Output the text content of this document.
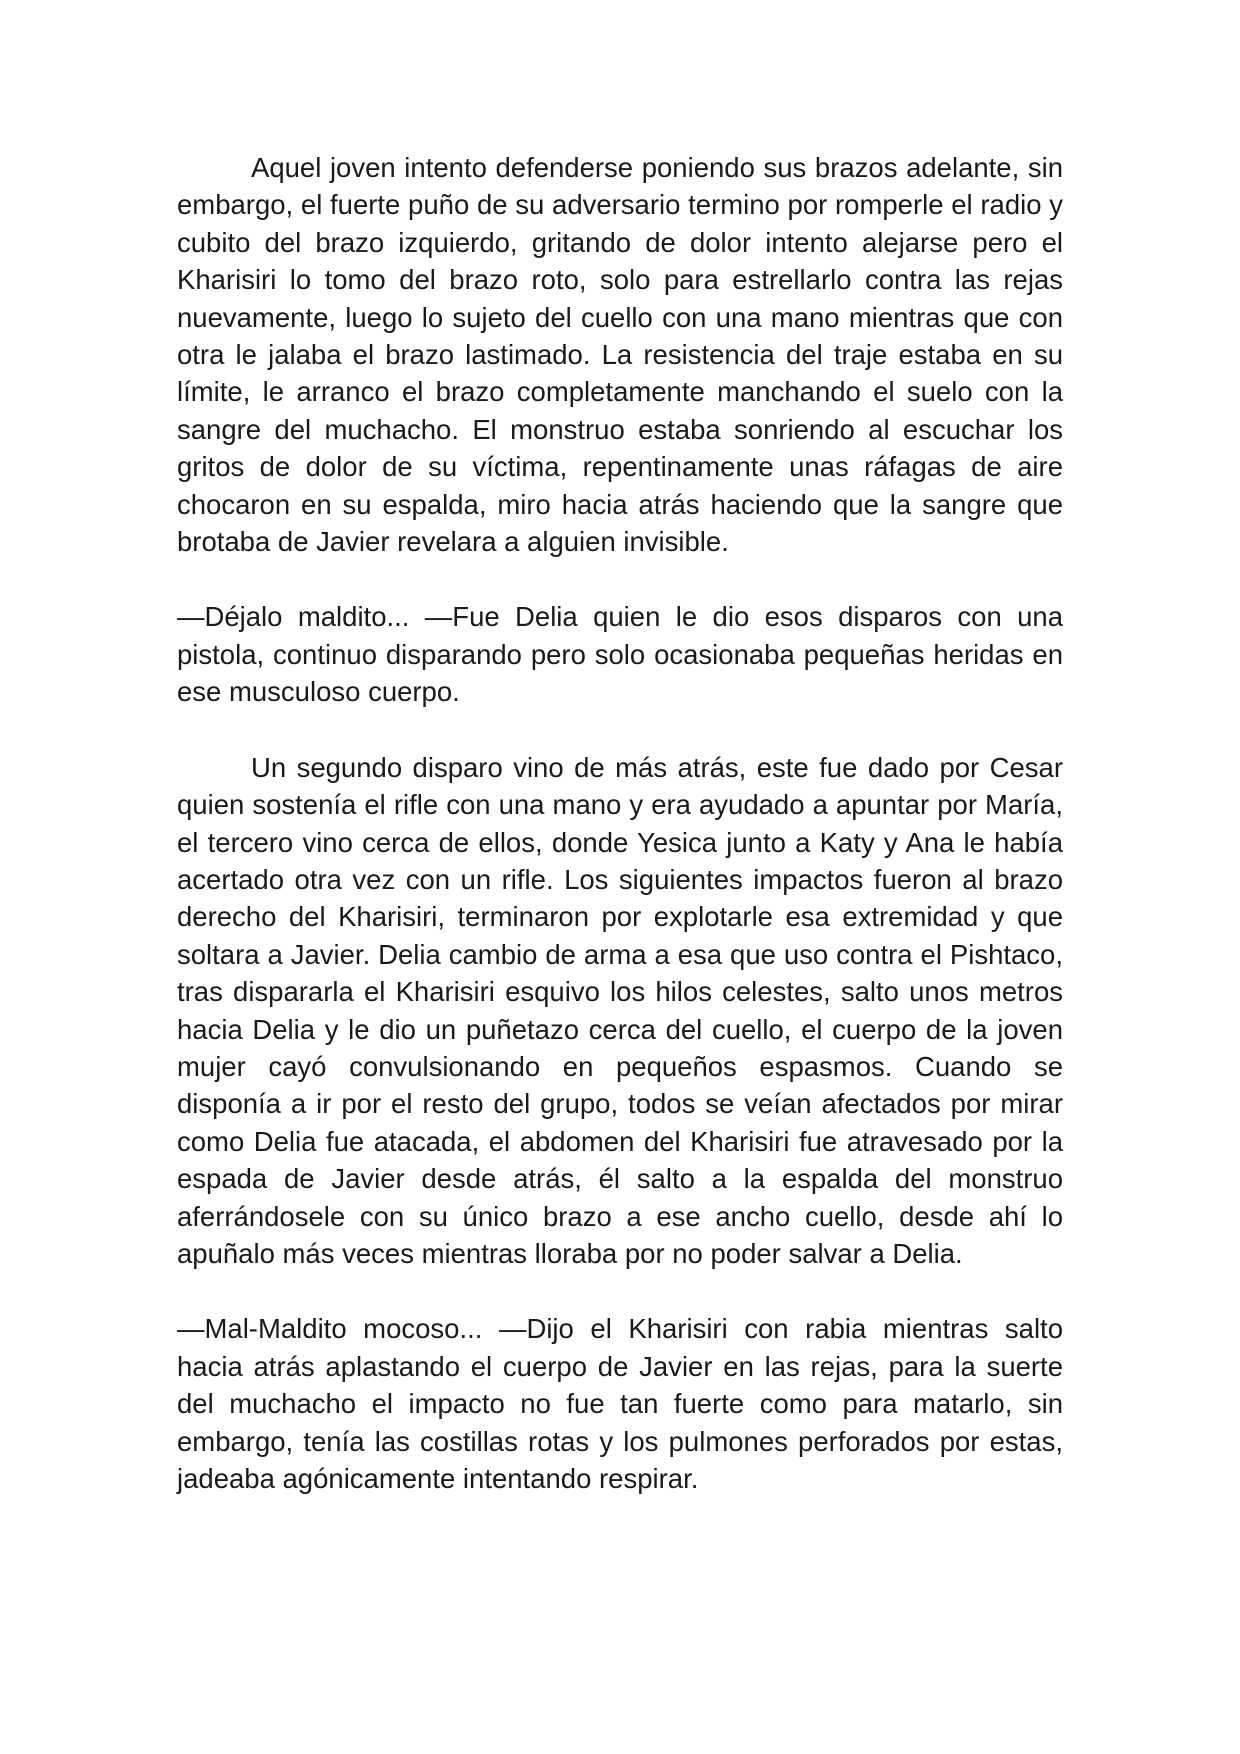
Aquel joven intento defenderse poniendo sus brazos adelante, sin embargo, el fuerte puño de su adversario termino por romperle el radio y cubito del brazo izquierdo, gritando de dolor intento alejarse pero el Kharisiri lo tomo del brazo roto, solo para estrellarlo contra las rejas nuevamente, luego lo sujeto del cuello con una mano mientras que con otra le jalaba el brazo lastimado. La resistencia del traje estaba en su límite, le arranco el brazo completamente manchando el suelo con la sangre del muchacho. El monstruo estaba sonriendo al escuchar los gritos de dolor de su víctima, repentinamente unas ráfagas de aire chocaron en su espalda, miro hacia atrás haciendo que la sangre que brotaba de Javier revelara a alguien invisible.

—Déjalo maldito... —Fue Delia quien le dio esos disparos con una pistola, continuo disparando pero solo ocasionaba pequeñas heridas en ese musculoso cuerpo.

Un segundo disparo vino de más atrás, este fue dado por Cesar quien sostenía el rifle con una mano y era ayudado a apuntar por María, el tercero vino cerca de ellos, donde Yesica junto a Katy y Ana le había acertado otra vez con un rifle. Los siguientes impactos fueron al brazo derecho del Kharisiri, terminaron por explotarle esa extremidad y que soltara a Javier. Delia cambio de arma a esa que uso contra el Pishtaco, tras dispararla el Kharisiri esquivo los hilos celestes, salto unos metros hacia Delia y le dio un puñetazo cerca del cuello, el cuerpo de la joven mujer cayó convulsionando en pequeños espasmos. Cuando se disponía a ir por el resto del grupo, todos se veían afectados por mirar como Delia fue atacada, el abdomen del Kharisiri fue atravesado por la espada de Javier desde atrás, él salto a la espalda del monstruo aferrándosele con su único brazo a ese ancho cuello, desde ahí lo apuñalo más veces mientras lloraba por no poder salvar a Delia.

—Mal-Maldito mocoso... —Dijo el Kharisiri con rabia mientras salto hacia atrás aplastando el cuerpo de Javier en las rejas, para la suerte del muchacho el impacto no fue tan fuerte como para matarlo, sin embargo, tenía las costillas rotas y los pulmones perforados por estas, jadeaba agónicamente intentando respirar.
